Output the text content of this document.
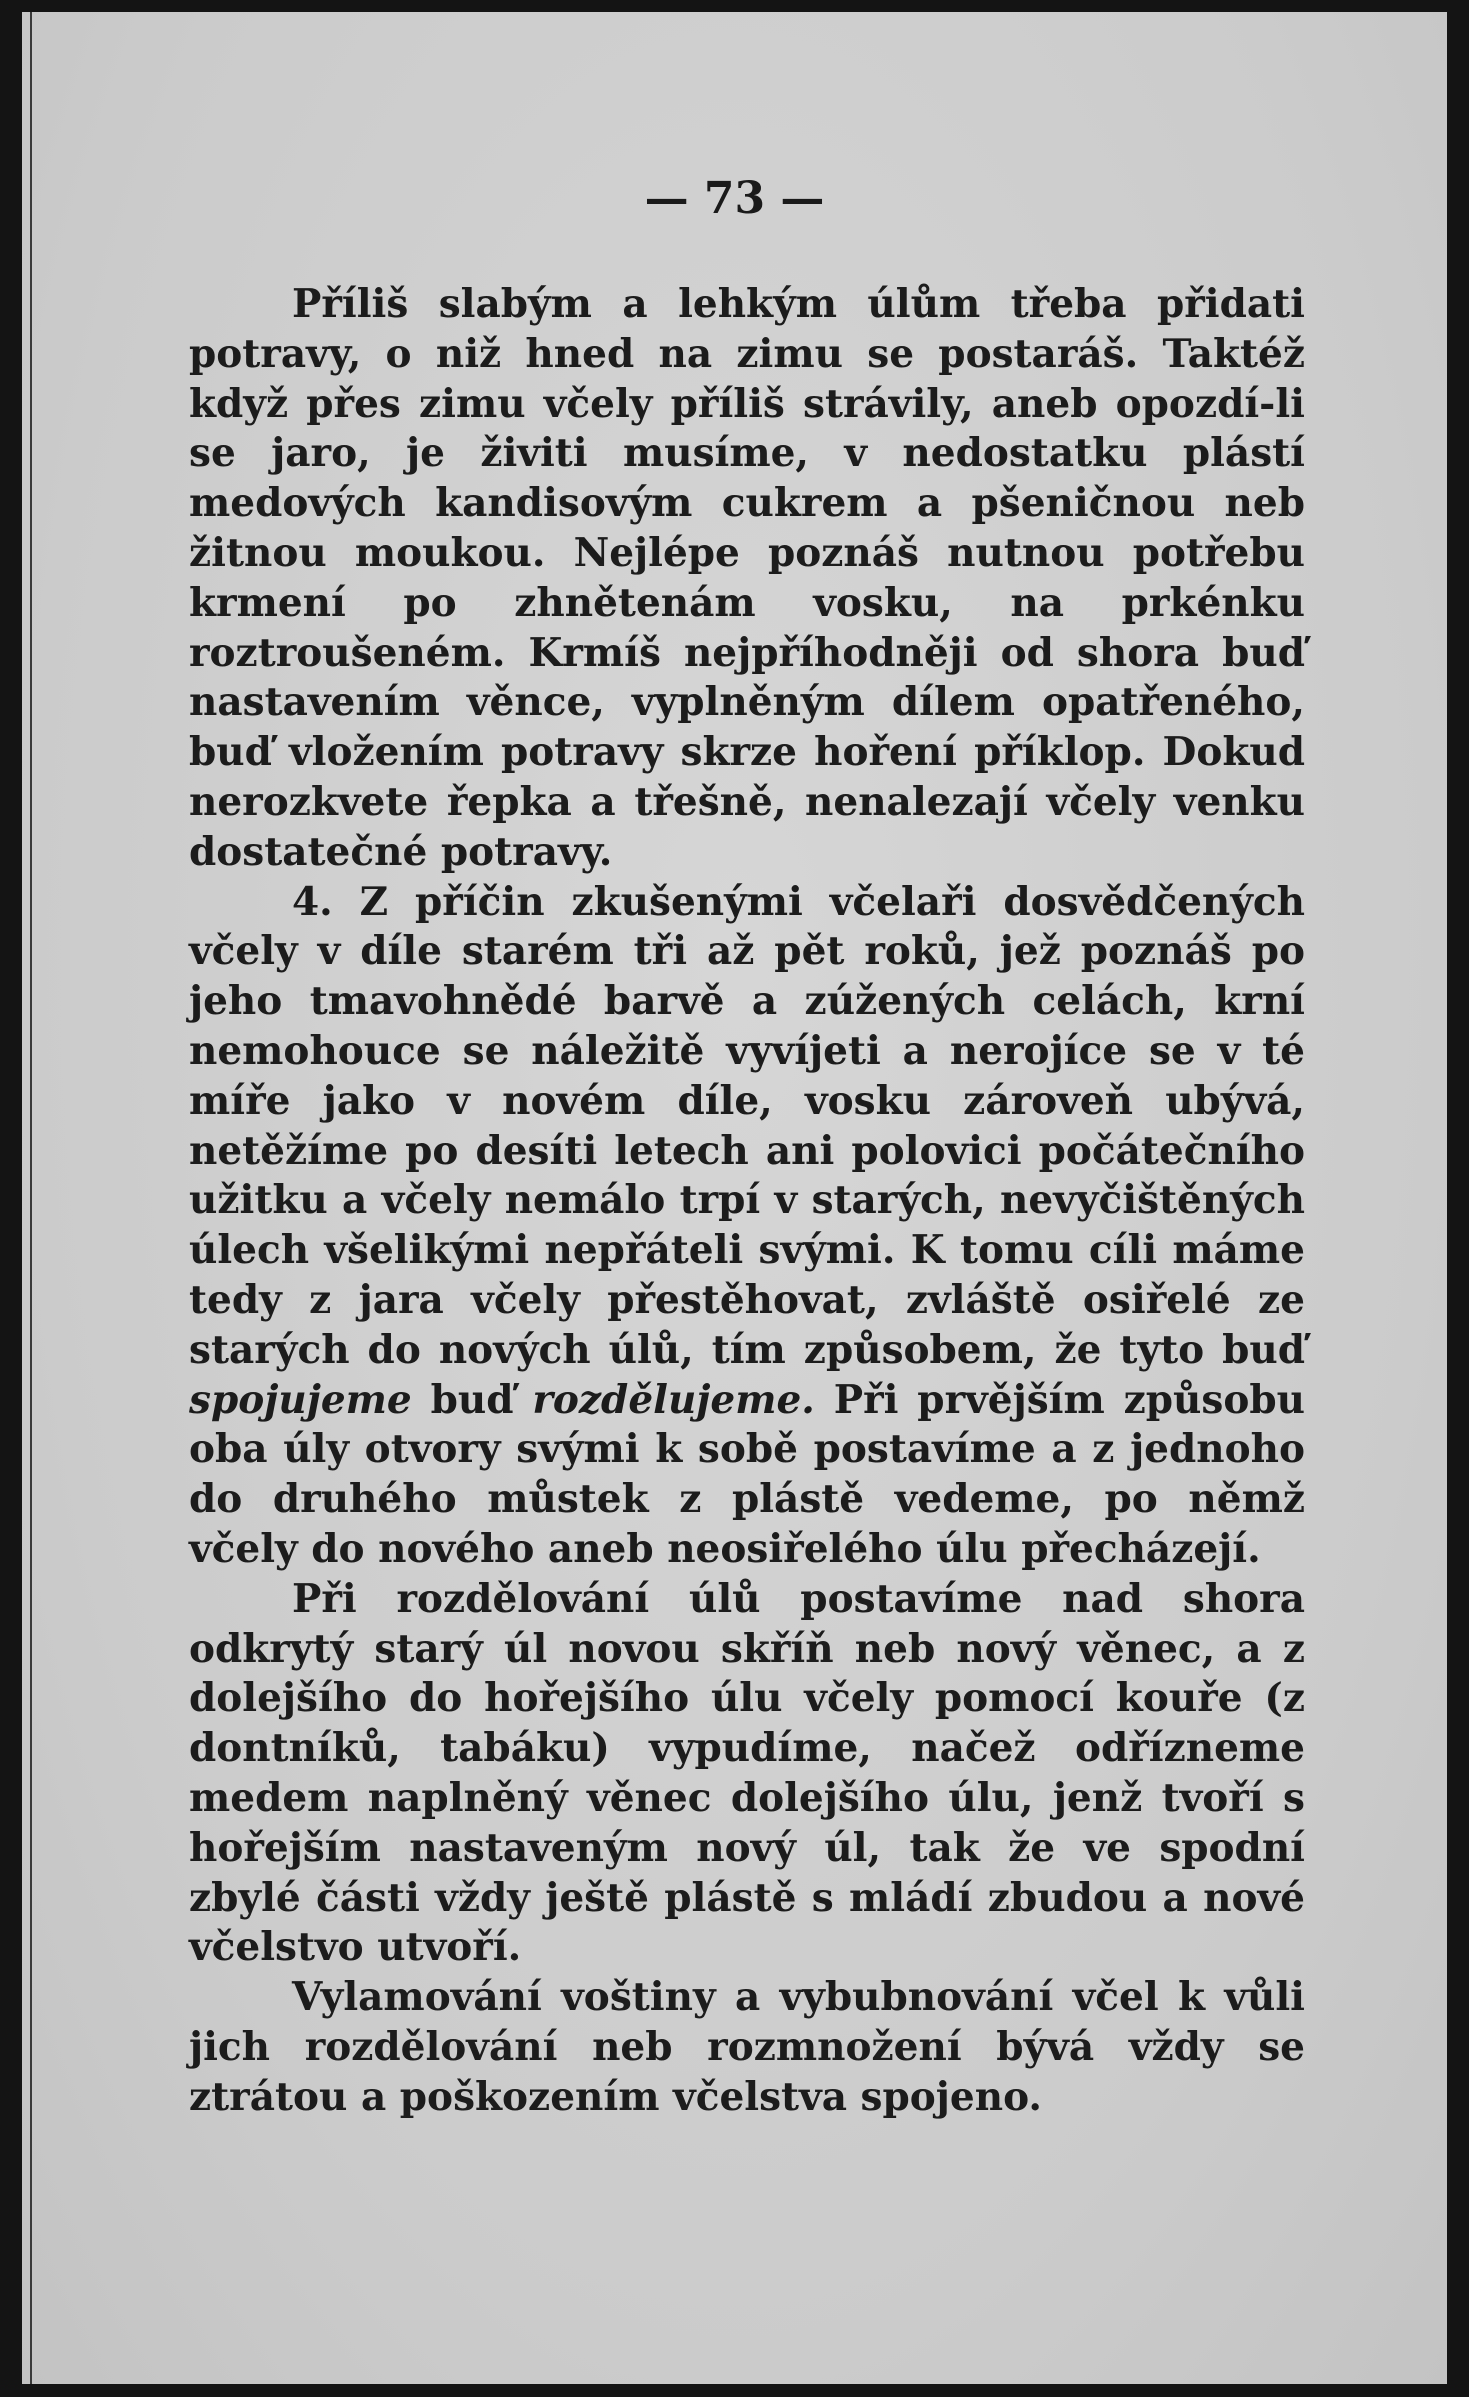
— 73 —

Příliš slabým a lehkým úlům třeba přidati potravy, o niž hned na zimu se postaráš. Taktéž když přes zimu včely příliš strávily, aneb opozdí-li se jaro, je živiti musíme, v nedostatku plástí medových kandisovým cukrem a pšeničnou neb žitnou moukou. Nejlépe poznáš nutnou potřebu krmení po zhnětenám vosku, na prkénku roztroušeném. Krmíš nejpříhodněji od shora buď nastavením věnce, vyplněným dílem opatřeného, buď vložením potravy skrze hoření příklop. Dokud nerozkvete řepka a třešně, nenalezají včely venku dostatečné potravy.

4. Z příčin zkušenými včelaři dosvědčených včely v díle starém tři až pět roků, jež poznáš po jeho tmavohnědé barvě a zúžených celách, krní nemohouce se náležitě vyvíjeti a nerojíce se v té míře jako v novém díle, vosku zároveň ubývá, netěžíme po desíti letech ani polovici počátečního užitku a včely nemálo trpí v starých, nevyčištěných úlech všelikými nepřáteli svými. K tomu cíli máme tedy z jara včely přestěhovat, zvláště osiřelé ze starých do nových úlů, tím způsobem, že tyto buď spojujeme buď rozdělujeme. Při prvějším způsobu oba úly otvory svými k sobě postavíme a z jednoho do druhého můstek z plástě vedeme, po němž včely do nového aneb neosiřelého úlu přecházejí.

Při rozdělování úlů postavíme nad shora odkrytý starý úl novou skříň neb nový věnec, a z dolejšího do hořejšího úlu včely pomocí kouře (z dontníků, tabáku) vypudíme, načež odřízneme medem naplněný věnec dolejšího úlu, jenž tvoří s hořejším nastaveným nový úl, tak že ve spodní zbylé části vždy ještě plástě s mládí zbudou a nové včelstvo utvoří.

Vylamování voštiny a vybubnování včel k vůli jich rozdělování neb rozmnožení bývá vždy se ztrátou a poškozením včelstva spojeno.
